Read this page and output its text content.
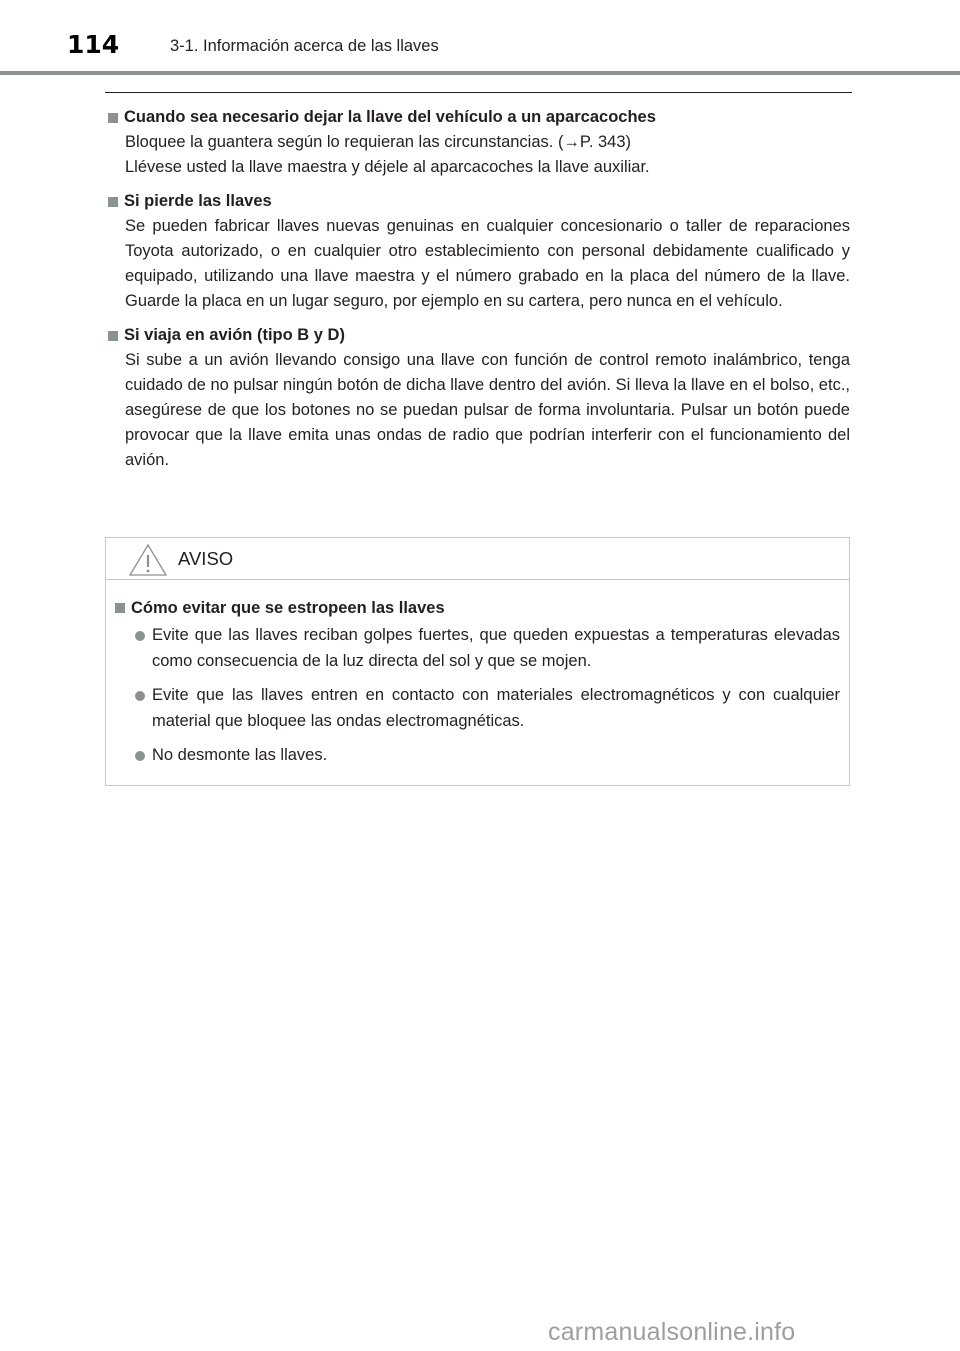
114	3-1. Información acerca de las llaves
Cuando sea necesario dejar la llave del vehículo a un aparcacoches

Bloquee la guantera según lo requieran las circunstancias. (→P. 343)

Llévese usted la llave maestra y déjele al aparcacoches la llave auxiliar.

Si pierde las llaves

Se pueden fabricar llaves nuevas genuinas en cualquier concesionario o taller de reparaciones Toyota autorizado, o en cualquier otro establecimiento con personal debidamente cualificado y equipado, utilizando una llave maestra y el número grabado en la placa del número de la llave. Guarde la placa en un lugar seguro, por ejemplo en su cartera, pero nunca en el vehículo.

Si viaja en avión (tipo B y D)

Si sube a un avión llevando consigo una llave con función de control remoto inalámbrico, tenga cuidado de no pulsar ningún botón de dicha llave dentro del avión. Si lleva la llave en el bolso, etc., asegúrese de que los botones no se puedan pulsar de forma involuntaria. Pulsar un botón puede provocar que la llave emita unas ondas de radio que podrían interferir con el funcionamiento del avión.

AVISO
Cómo evitar que se estropeen las llaves
Evite que las llaves reciban golpes fuertes, que queden expuestas a temperaturas elevadas como consecuencia de la luz directa del sol y que se mojen.
Evite que las llaves entren en contacto con materiales electromagnéticos y con cualquier material que bloquee las ondas electromagnéticas.
No desmonte las llaves.
carmanualsonline.info
